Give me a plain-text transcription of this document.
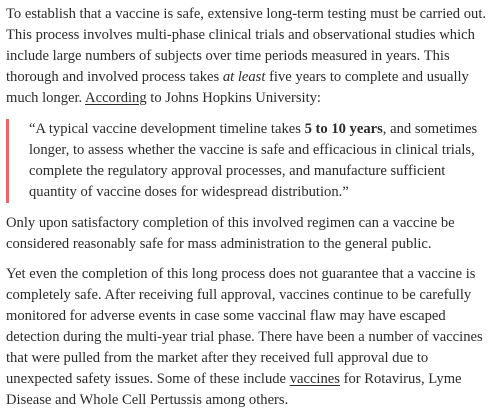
To establish that a vaccine is safe, extensive long-term testing must be carried out. This process involves multi-phase clinical trials and observational studies which include large numbers of subjects over time periods measured in years. This thorough and involved process takes at least five years to complete and usually much longer. According to Johns Hopkins University:

“A typical vaccine development timeline takes 5 to 10 years, and sometimes longer, to assess whether the vaccine is safe and efficacious in clinical trials, complete the regulatory approval processes, and manufacture sufficient quantity of vaccine doses for widespread distribution.”

Only upon satisfactory completion of this involved regimen can a vaccine be considered reasonably safe for mass administration to the general public.

Yet even the completion of this long process does not guarantee that a vaccine is completely safe. After receiving full approval, vaccines continue to be carefully monitored for adverse events in case some vaccinal flaw may have escaped detection during the multi-year trial phase. There have been a number of vaccines that were pulled from the market after they received full approval due to unexpected safety issues. Some of these include vaccines for Rotavirus, Lyme Disease and Whole Cell Pertussis among others.
